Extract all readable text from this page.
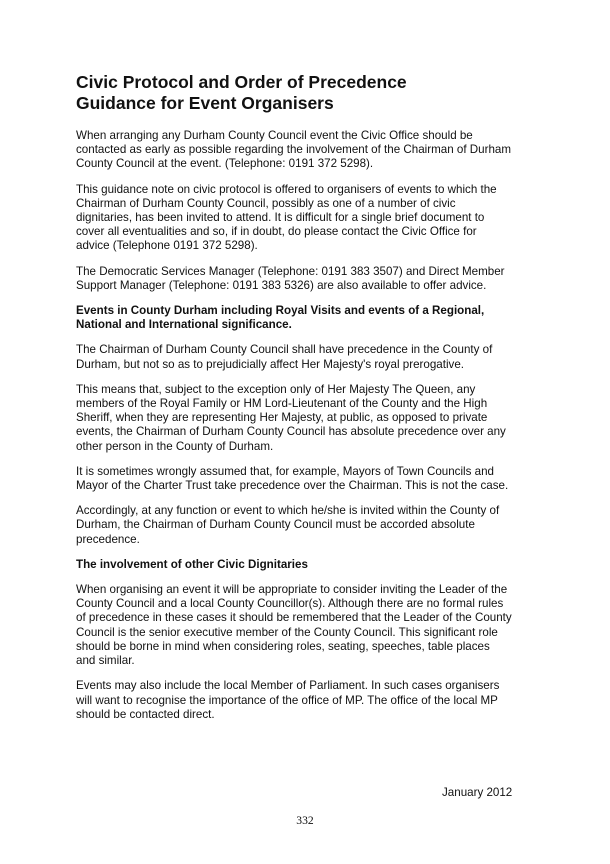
Civic Protocol and Order of Precedence
Guidance for Event Organisers

When arranging any Durham County Council event the Civic Office should be
contacted as early as possible regarding the involvement of the Chairman of Durham
County Council at the event. (Telephone: 0191 372 5298).

This guidance note on civic protocol is offered to organisers of events to which the
Chairman of Durham County Council, possibly as one of a number of civic
dignitaries, has been invited to attend. It is difficult for a single brief document to
cover all eventualities and so, if in doubt, do please contact the Civic Office for
advice (Telephone 0191 372 5298).

The Democratic Services Manager (Telephone: 0191 383 3507) and Direct Member
Support Manager (Telephone: 0191 383 5326) are also available to offer advice.

Events in County Durham including Royal Visits and events of a Regional,
National and International significance.

The Chairman of Durham County Council shall have precedence in the County of
Durham, but not so as to prejudicially affect Her Majesty's royal prerogative.

This means that, subject to the exception only of Her Majesty The Queen, any
members of the Royal Family or HM Lord-Lieutenant of the County and the High
Sheriff, when they are representing Her Majesty, at public, as opposed to private
events, the Chairman of Durham County Council has absolute precedence over any
other person in the County of Durham.

It is sometimes wrongly assumed that, for example, Mayors of Town Councils and
Mayor of the Charter Trust take precedence over the Chairman. This is not the case.

Accordingly, at any function or event to which he/she is invited within the County of
Durham, the Chairman of Durham County Council must be accorded absolute
precedence.

The involvement of other Civic Dignitaries

When organising an event it will be appropriate to consider inviting the Leader of the
County Council and a local County Councillor(s). Although there are no formal rules
of precedence in these cases it should be remembered that the Leader of the County
Council is the senior executive member of the County Council. This significant role
should be borne in mind when considering roles, seating, speeches, table places
and similar.

Events may also include the local Member of Parliament. In such cases organisers
will want to recognise the importance of the office of MP. The office of the local MP
should be contacted direct.

January 2012
332
